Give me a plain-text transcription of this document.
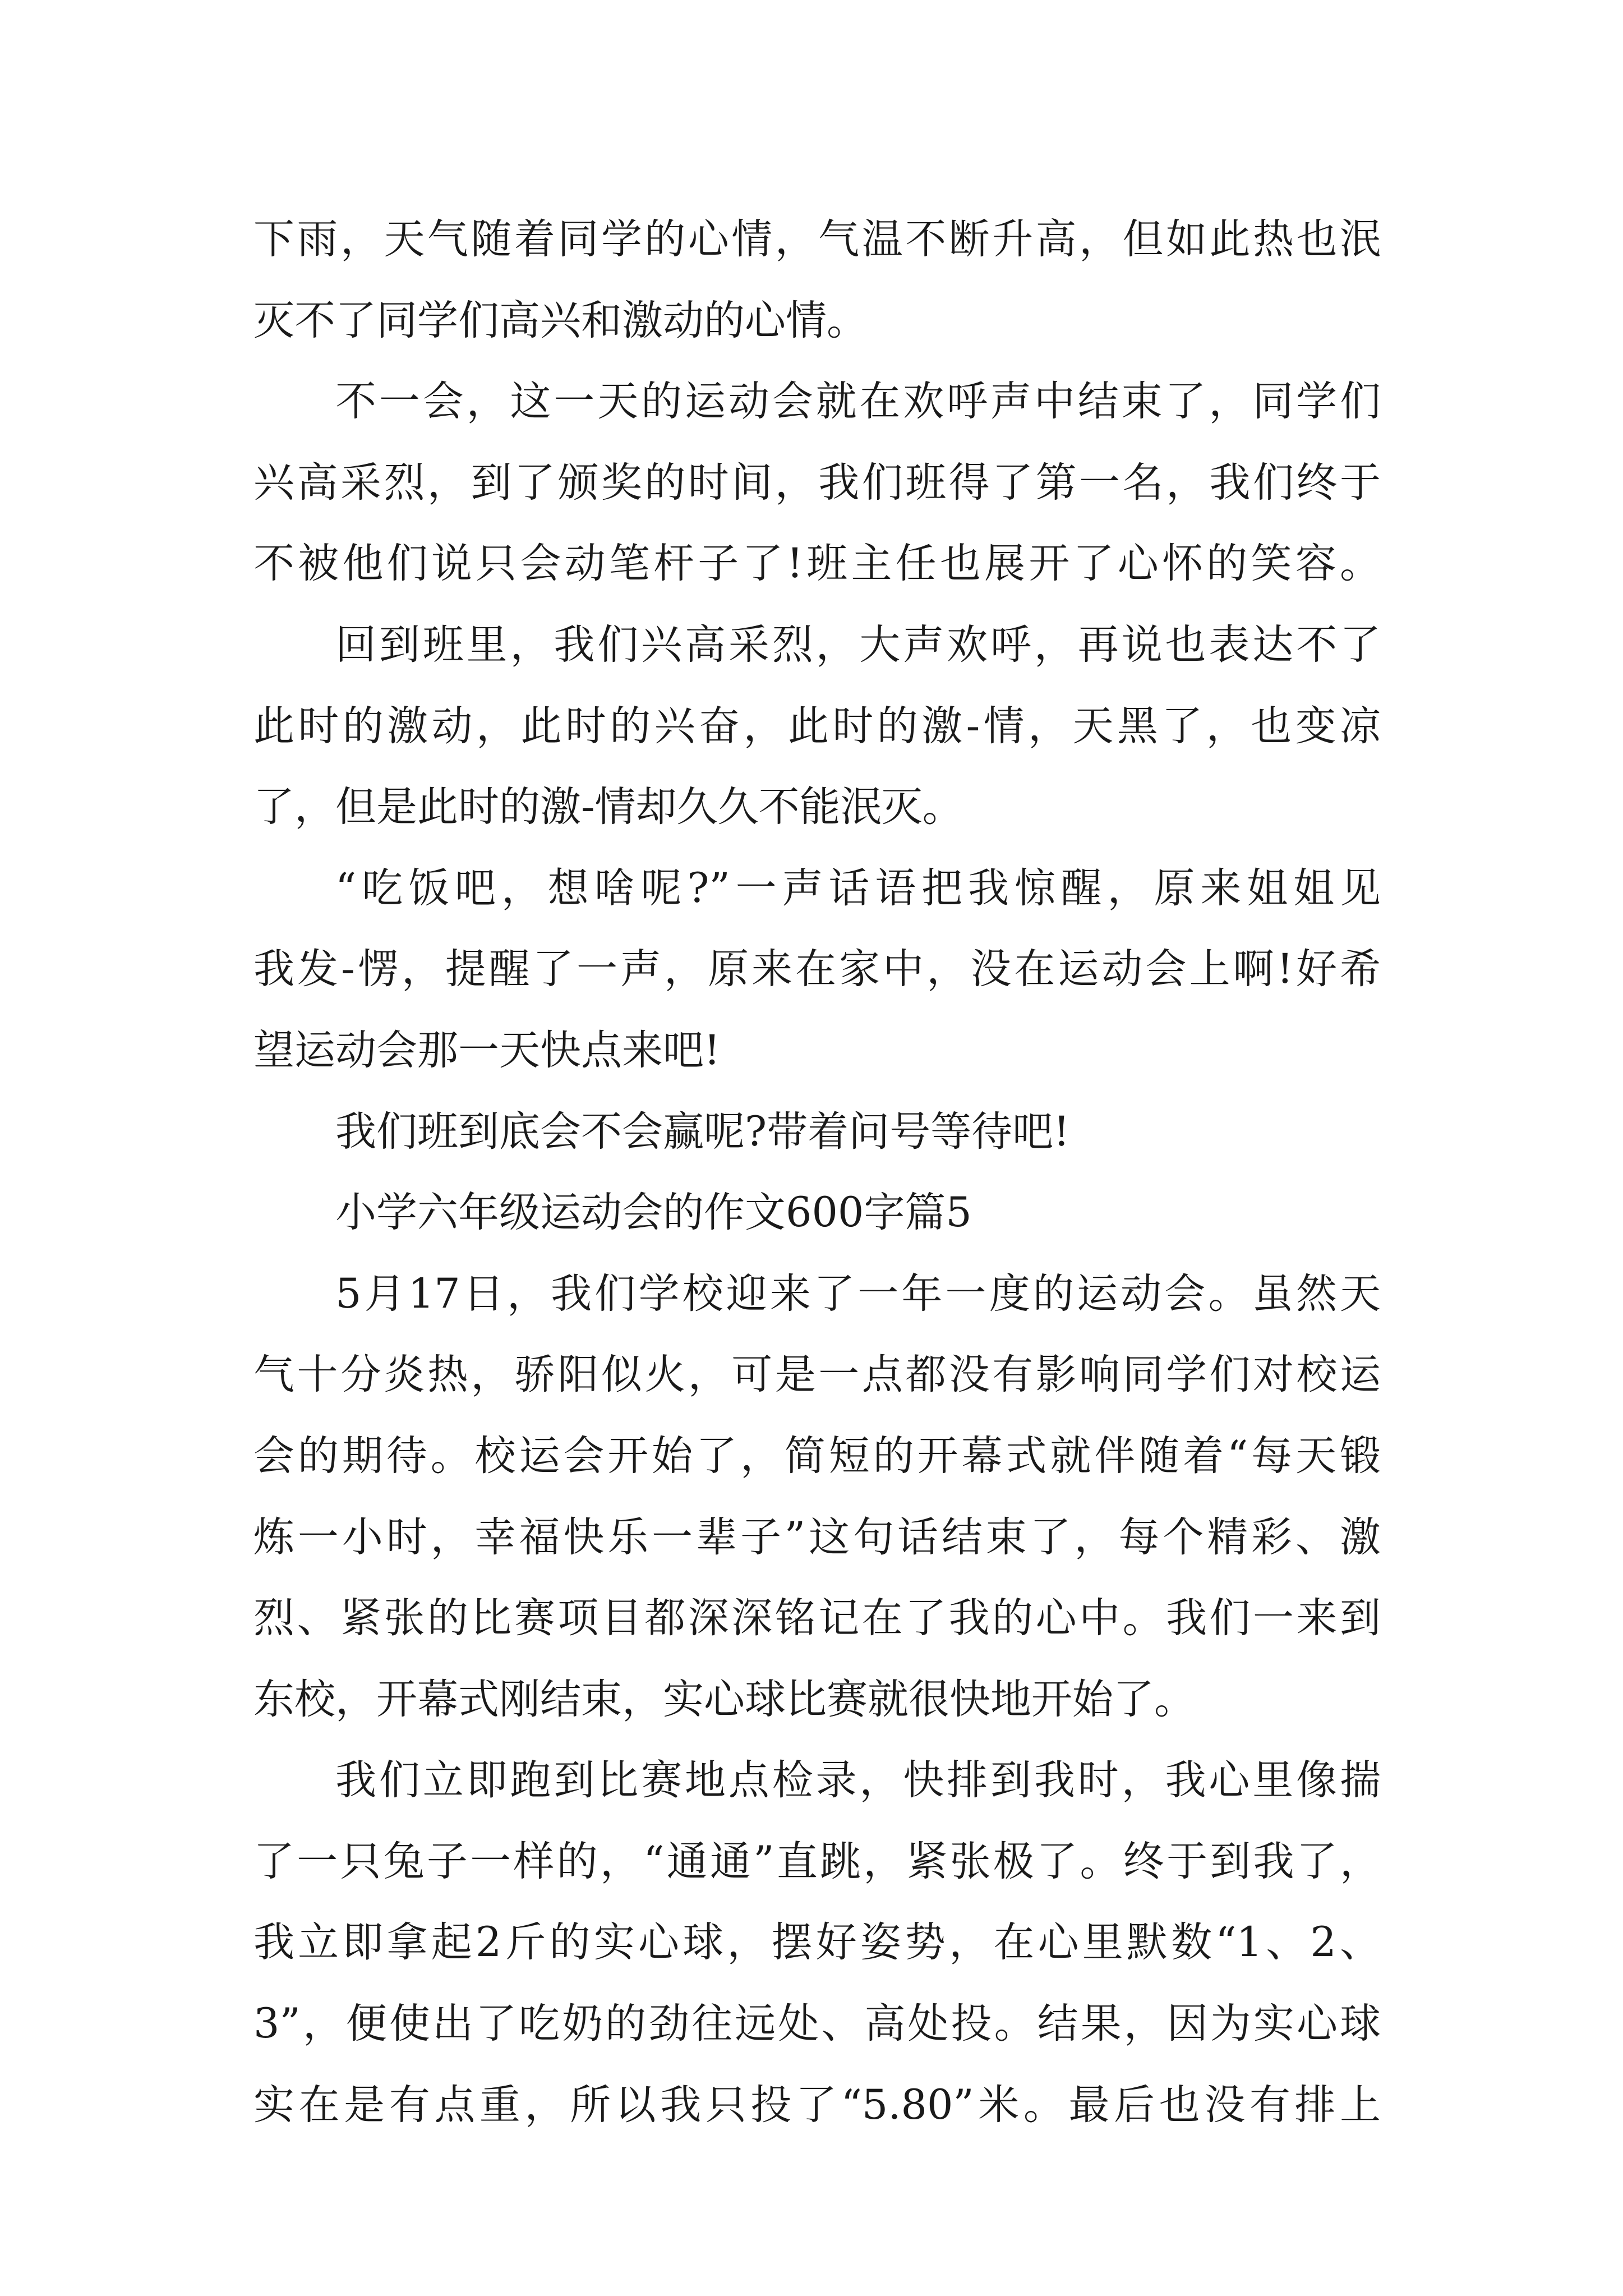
下雨，天气随着同学的心情，气温不断升高，但如此热也泯
灭不了同学们高兴和激动的心情。
不一会，这一天的运动会就在欢呼声中结束了，同学们
兴高采烈，到了颁奖的时间，我们班得了第一名，我们终于
不被他们说只会动笔杆子了!班主任也展开了心怀的笑容。
回到班里，我们兴高采烈，大声欢呼，再说也表达不了
此时的激动，此时的兴奋，此时的激-情，天黑了，也变凉
了，但是此时的激-情却久久不能泯灭。
“吃饭吧，想啥呢?”一声话语把我惊醒，原来姐姐见
我发-愣，提醒了一声，原来在家中，没在运动会上啊!好希
望运动会那一天快点来吧!
我们班到底会不会赢呢?带着问号等待吧!
小学六年级运动会的作文600字篇5
5月17日，我们学校迎来了一年一度的运动会。虽然天
气十分炎热，骄阳似火，可是一点都没有影响同学们对校运
会的期待。校运会开始了，简短的开幕式就伴随着“每天锻
炼一小时，幸福快乐一辈子”这句话结束了，每个精彩、激
烈、紧张的比赛项目都深深铭记在了我的心中。我们一来到
东校，开幕式刚结束，实心球比赛就很快地开始了。
我们立即跑到比赛地点检录，快排到我时，我心里像揣
了一只兔子一样的，“通通”直跳，紧张极了。终于到我了，
我立即拿起2斤的实心球，摆好姿势，在心里默数“1、2、
3”，便使出了吃奶的劲往远处、高处投。结果，因为实心球
实在是有点重，所以我只投了“5.80”米。最后也没有排上
